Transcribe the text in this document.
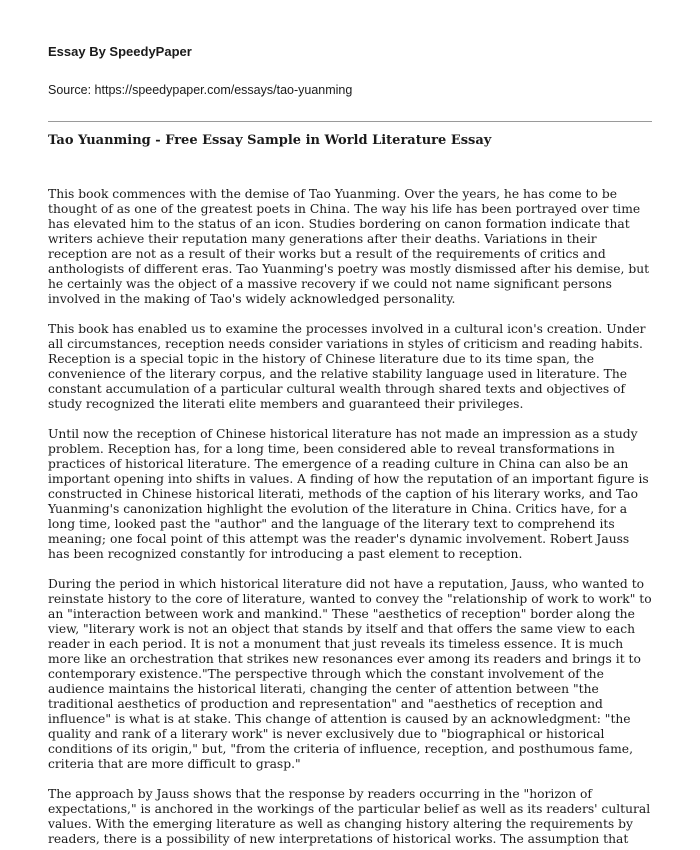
Essay By SpeedyPaper
Source: https://speedypaper.com/essays/tao-yuanming
Tao Yuanming - Free Essay Sample in World Literature Essay

This book commences with the demise of Tao Yuanming. Over the years, he has come to be thought of as one of the greatest poets in China. The way his life has been portrayed over time has elevated him to the status of an icon. Studies bordering on canon formation indicate that writers achieve their reputation many generations after their deaths. Variations in their reception are not as a result of their works but a result of the requirements of critics and anthologists of different eras. Tao Yuanming's poetry was mostly dismissed after his demise, but he certainly was the object of a massive recovery if we could not name significant persons involved in the making of Tao's widely acknowledged personality.

This book has enabled us to examine the processes involved in a cultural icon's creation. Under all circumstances, reception needs consider variations in styles of criticism and reading habits. Reception is a special topic in the history of Chinese literature due to its time span, the convenience of the literary corpus, and the relative stability language used in literature. The constant accumulation of a particular cultural wealth through shared texts and objectives of study recognized the literati elite members and guaranteed their privileges.

Until now the reception of Chinese historical literature has not made an impression as a study problem. Reception has, for a long time, been considered able to reveal transformations in practices of historical literature. The emergence of a reading culture in China can also be an important opening into shifts in values. A finding of how the reputation of an important figure is constructed in Chinese historical literati, methods of the caption of his literary works, and Tao Yuanming's canonization highlight the evolution of the literature in China. Critics have, for a long time, looked past the "author" and the language of the literary text to comprehend its meaning; one focal point of this attempt was the reader's dynamic involvement. Robert Jauss has been recognized constantly for introducing a past element to reception.

During the period in which historical literature did not have a reputation, Jauss, who wanted to reinstate history to the core of literature, wanted to convey the "relationship of work to work" to an "interaction between work and mankind." These "aesthetics of reception" border along the view, "literary work is not an object that stands by itself and that offers the same view to each reader in each period. It is not a monument that just reveals its timeless essence. It is much more like an orchestration that strikes new resonances ever among its readers and brings it to contemporary existence."The perspective through which the constant involvement of the audience maintains the historical literati, changing the center of attention between "the traditional aesthetics of production and representation" and "aesthetics of reception and influence" is what is at stake. This change of attention is caused by an acknowledgment: "the quality and rank of a literary work" is never exclusively due to "biographical or historical conditions of its origin," but, "from the criteria of influence, reception, and posthumous fame, criteria that are more difficult to grasp."

The approach by Jauss shows that the response by readers occurring in the "horizon of expectations," is anchored in the workings of the particular belief as well as its readers' cultural values. With the emerging literature as well as changing history altering the requirements by readers, there is a possibility of new interpretations of historical works. The assumption that
